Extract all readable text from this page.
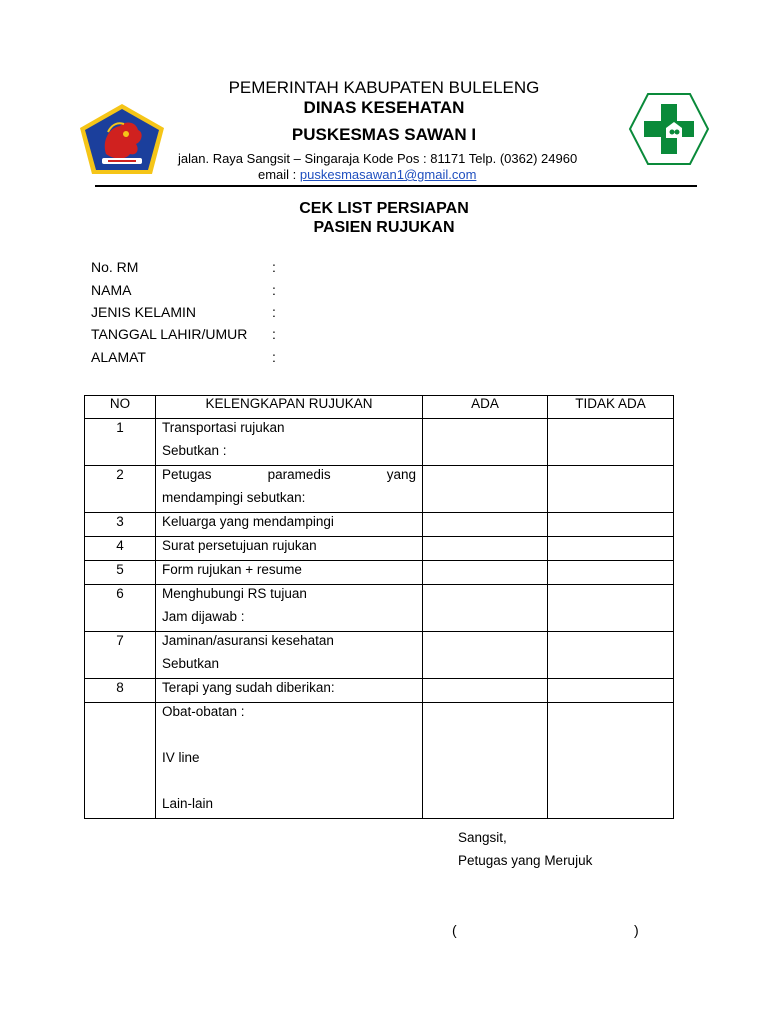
PEMERINTAH KABUPATEN BULELENG
DINAS KESEHATAN
PUSKESMAS SAWAN I
jalan. Raya Sangsit – Singaraja Kode Pos : 81171 Telp. (0362) 24960
email : puskesmasawan1@gmail.com
CEK LIST PERSIAPAN
PASIEN RUJUKAN
No. RM	:
NAMA	:
JENIS KELAMIN	:
TANGGAL LAHIR/UMUR :
ALAMAT	:
NO	KELENGKAPAN RUJUKAN	ADA	TIDAK ADA

1	Transportasi rujukan
Sebutkan :		

2	Petugas paramedis yang
mendampingi sebutkan:		

3	Keluarga yang mendampingi		

4	Surat persetujuan rujukan		

5	Form rujukan + resume		

6	Menghubungi RS tujuan
Jam dijawab :		

7	Jaminan/asuransi kesehatan
Sebutkan		

8	Terapi yang sudah diberikan:		

	Obat-obatan :
IV line
Lain-lain		

Sangsit,
Petugas yang Merujuk
(	)
